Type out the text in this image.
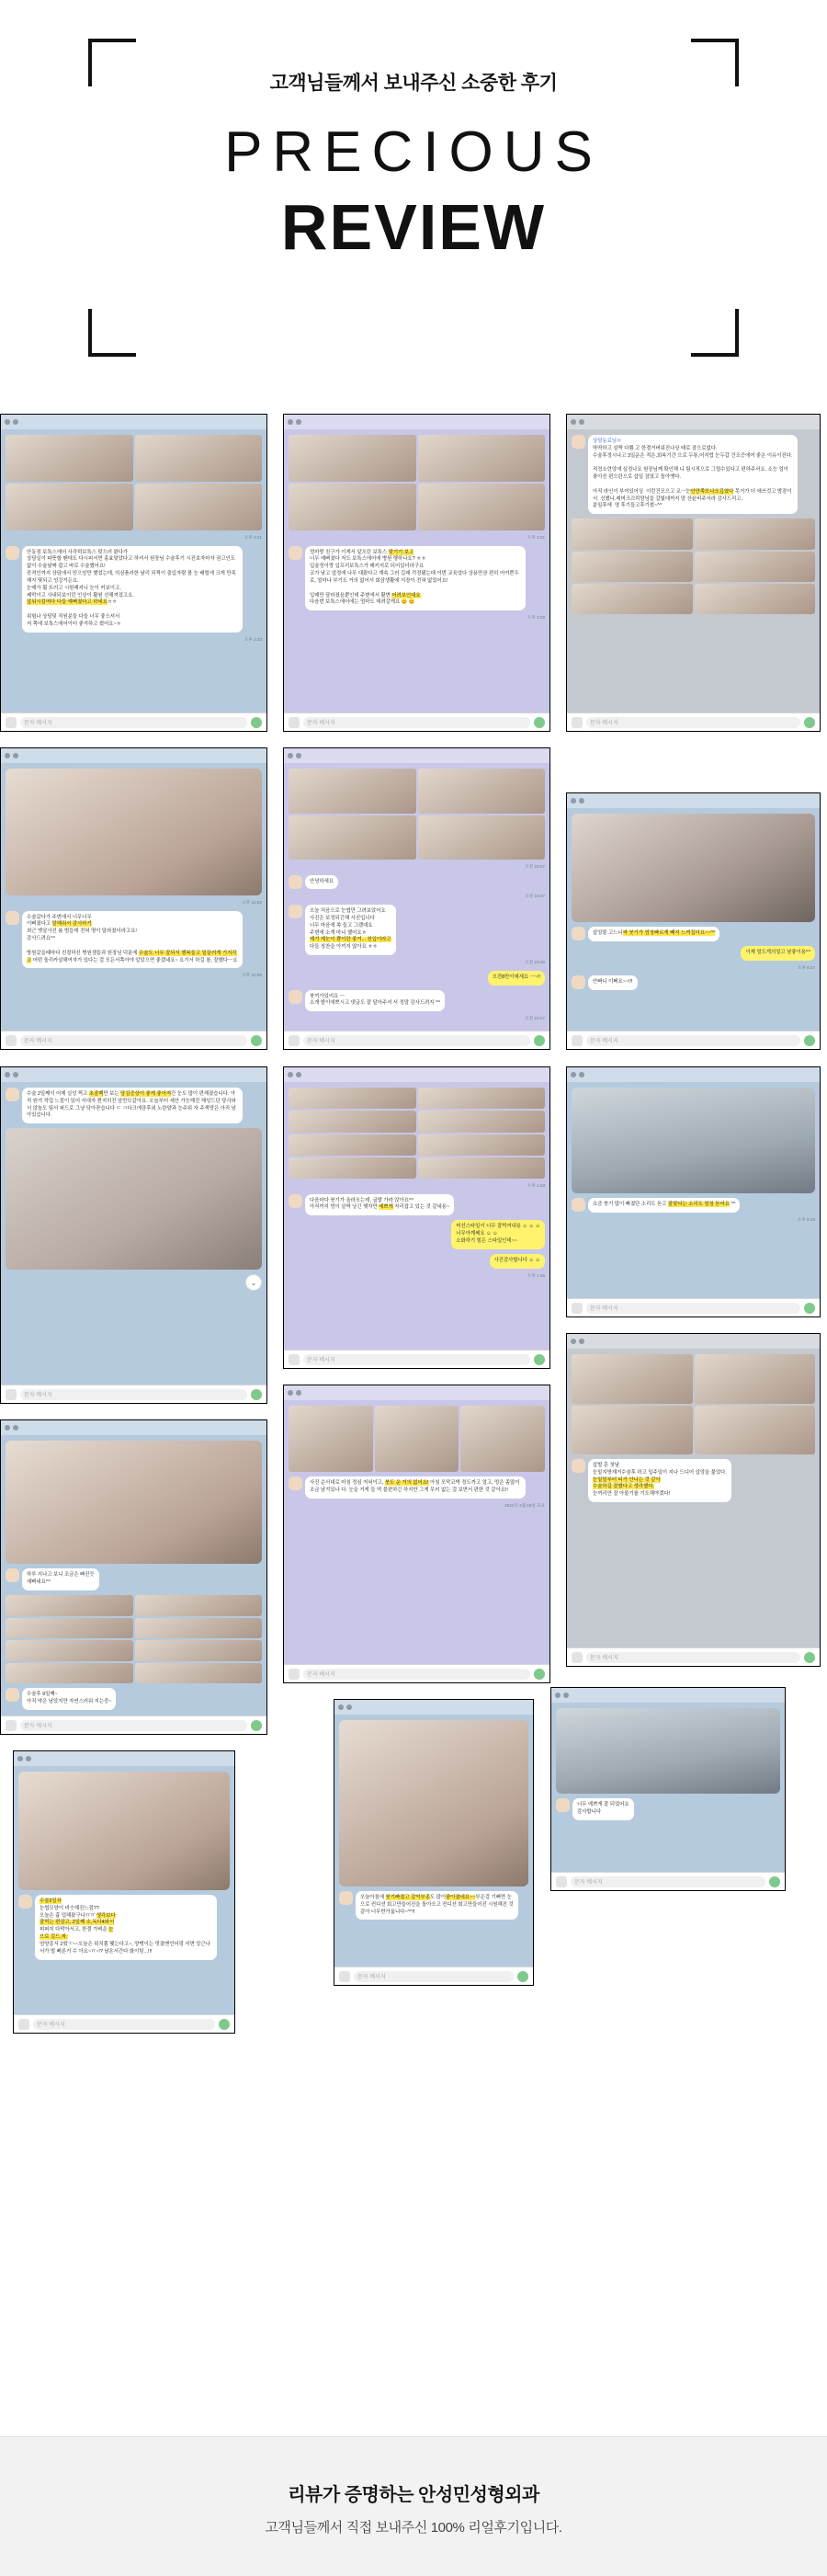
고객님들께서 보내주신 소중한 후기
PRECIOUS
REVIEW
오후 2:21
안동점 보톡스에어 사각턱보톡스 맞으러 왔다가
상담실이 따뜻할 땐데도 다시피서면 홍효맞았다고 하셔서 원장님 수술후기 시진보자마자 권고인도 없이 수술날짜 잡고 바로 수술했어요!
중격인까지 상담에서 믿으암만 했었는데, 의심품러한 날리 되찍이 출입자람 볼 눈 배럴에 크게 만족해지 몇되고 성강거든요.
눈매가 훨 트러고 시원해지니 눈이 커보이고,
쎄막이고 사내되보이던 인상이 활원 선해져었고요.
앞뒤시킴머다 다들 예뻐졌다고 하네요ㅎㅎ

위험나 상담및 직원분들 다들 너무 좋으셔서
저 쪽에 보톡스에어이터 좋겨하고 썼어요~ㅎ
오후 2:23
문자 메시지
오후 3:21
엄마랑 친구가 이게서 앞오린 보톡스 맞기기 보고
너무 예뻐졌다 저도 보톡스에어에 병원 행하나요? ㅎㅎ
입술정이랑 입꼬리보톡스가 패키지로 되어있더라구요
코가 낮고 앞정에 나무 대왔다고 계속 그러 길래 걱정됐는데 이번 교육었다 상용만큼 편히 어여쁜우로, 얼마나 부기도 거의 없어서 회삼생활에 지장이 전혀 없었어요!

입매만 달라졌음뿐인데 주변에서 활변 어려보인대요
다음번 보톡스에어에는 엄마도 데려갈게요 😊 😊
오후 3:28
문자 메시지
상담동료님ㅎ
딱딱하고 살짝 다쁨 고 한결거버워진나상 태로 잠으로없다.
수술후정시나고 3일운은 적은,회복기간 으로 두통,어지럽 눈두갑 건조증에여 좋은 이유이진다.

적정소련앙에 실정나요 원장님께 확인해 니 팀시적으로 그럴수있다고 편하주셔요. 소능 얼이 좋아진 편으란으로 삽일 잠였고 돌아옛다.

아직 라인이 부여있어싱  이런건모으고 교ㅡ눈안만쪽또나오깊였다 못거가 더 애쓰것고 밤잠이서  싱했니.레머크끄릭맘닝들 갈빛데까지 맘 산윤비주서라 감사드리고,
분일후에  영 후기들고후기썼~^^
문자 메시지
오후 12:53
수술갔다가 주변에서 너무너무
이뻐졌다고 말해줘서 감사하기
최근 옛살사진 봄 범듭데 전혀 명이 달라졌더라고요!
감사드려요^^

방원갔을때마다 친절하신 병원샘들과 원장님 덕분에 수술도 너무 잘되서 행복들고 밀끌러게 기지각고 어떤 돌리카살해여자가 있다는 걸 모든서쪽아야 알았으면 좋겠네요~ 요기서 하길 참, 잘했다ㅡ요
오후 12:55
문자 메시지
오전 10:27
안녕하세요
오전 10:27
오늘 처음으로 눈썹만 그려보았어요
사진은 보정되긴해 사진입니다
너무 마음에 쏙 들고 그랬대요
주변에 소개 마니 했어요ㅎ
제가 제눈이 뿅이란 좋거... 천입이라고
다들 칭찬을 아끼지 않아요 ㅎㅎ
오전 10:28
오전8만이예세요 ㅡ~!!
붓끼가있어요 ㅡ
소개 밭이애쁘시고 댓글도 잘 달아주셔 서 정말 감사드려지 ^^
오전 10:27
문자 메시지
삽앙물 고느니싸 붓기가 엄청빠르게 빼지 느껴집더요~~^^
이제 멀도게의얼고 남좋이용^^
오후 6:27
안빠니 이뻐요~~!!!
문자 메시지
수술 2일째이 어제 실성 찍고 초잠벡만 보는 당김증상이 좋게 좋아져간 눈도 많이 편해졌습니다. 아직 원겨 작업 느낌이 있어 서대자 찐저히진 암만모같아요. 오늘부터 세안 가능해진 해성드단 당사와 서 앉놀도 팀서 퍼드로 그냥 닦아잗습니다 ㄷ ㅋ다크에큼후외 노란얄과 눈주위 자 주색망은 아직 남아있습니다.
⌄
문자 메시지
오후 1:43
다음마다 붓기가 올라오는데, 굽발 가라 앉아요^^
아직까지 멍이 살짝 낭긴 햇자만 예쁘게 자리잡고 있는 것 같네용~
머선스타일이 너무 잘먹여내용 ☺ ☺ ☺
너무아깨쎄요 ☺ ☺
소화하기 힘든 스타일인데~~
사진감사합니다 ☺ ☺
오후 1:45
문자 메시지
요즘 붓기 많이 빠졌단 소리도 듣고 잘맞다는 소리도 엄청 듣어요 ^^
오후 6:10
문자 메시지
하루 지나고 보니 조금은 빠진듯
예뻐네요^^
수술후 9일째~
아직 약은 남았지만 자연스러워 지는중~
문자 메시지
사진 순서대로 마침 정심 저녁이고, 붓도 운 거의 없어요! 아침 모막코박 정도까고 얼고, 멍은 좀많이 조금 남겨있나 다. 눈을 거게 들 떡 불편하긴 하지만 그게 무러 없는 걸 보면서 편한 것 같아요!!
2022년 2월 18일 모요
문자 메시지
오늘아침에 붓기빠졌고 갈억부종도 많이좋아졌네요~~부은걸 기뻐면 눈으로 컨디션 회고만들어진을 돌아오고 컨디션 회고만들어진 시원해진 것같아 너무반가웁니다~^^!!
문자 메시지
삽발 훈 첫날
눈밑지방재거수술후 하고 일주일이 지나 드디어 삽앙을 뭁었다.
눈밑말부터 티가 안나는 것 같아
수술하길 잘했다고 생각했다.
눈꺼리만 잘 아물기를 기도해야겠다!
문자 메시지
너무 예쁘게 잘 되었어요
감사합니다
문자 메시지
수술2일차
눈썹모양이 비슷해진느낌??
오늘은 흉 덜해왔구나ㅠㅠ 생각보다
잘먹는 편잠고, 2일째 소,독다4와서
피퍼지 다막아서고, 한결 가벼운 눈
으로 걸드,착.
엄양종서 2떴ㅜ~~오늘은 위치쫌 맺는다고~, 양맹이는 멋졌맨언어링 지면 앙근나서가 벌 빠른거 수 아요~ㅠ~!? 날온서간다 화이팅...!!!
문자 메시지
리뷰가 증명하는 안성민성형외과
고객님들께서 직접 보내주신 100% 리얼후기입니다.
